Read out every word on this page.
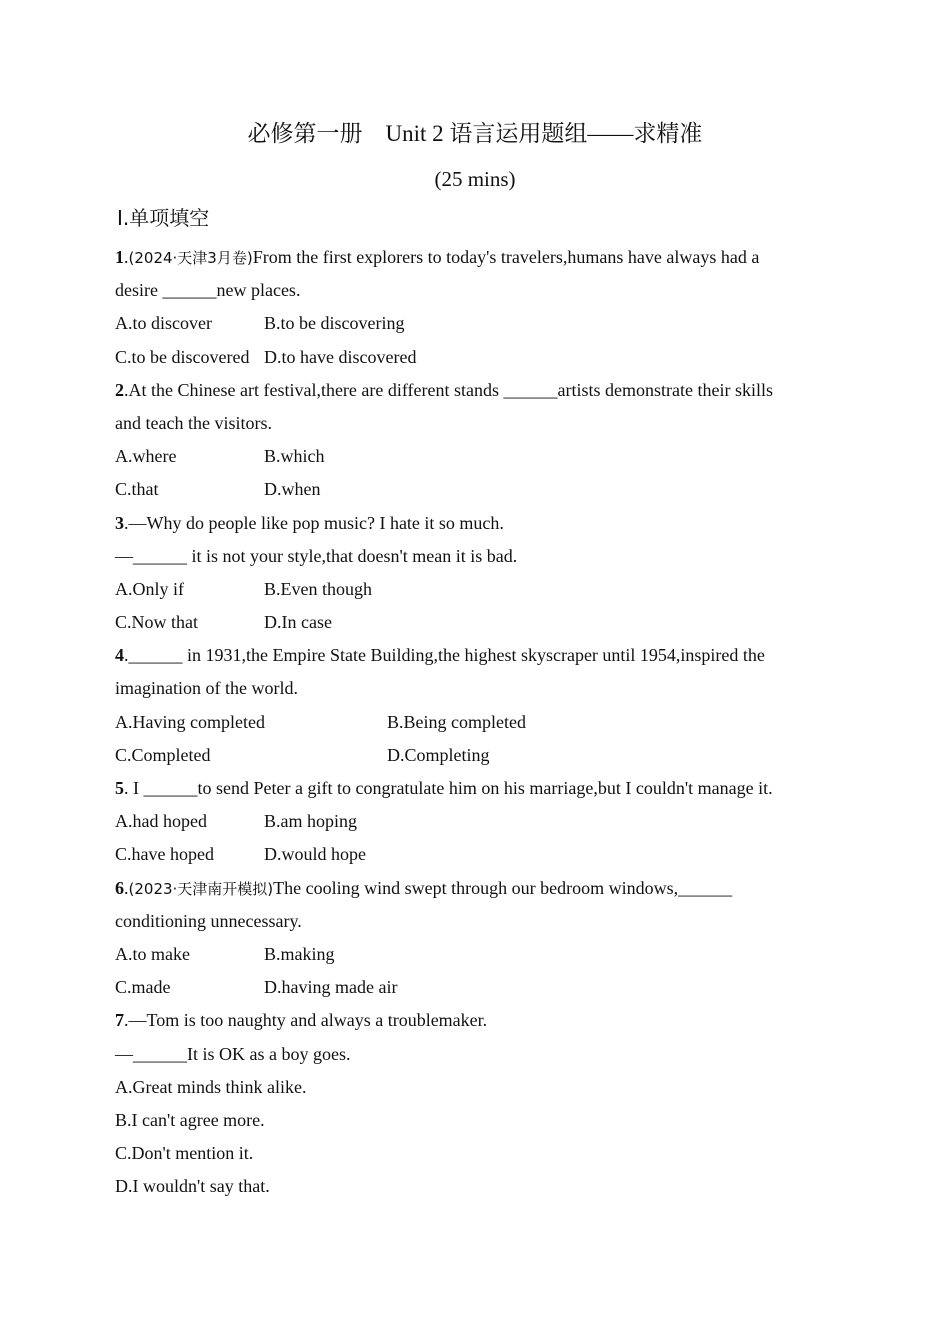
必修第一册　Unit 2 语言运用题组——求精准
(25 mins)
Ⅰ.单项填空
1.(2024·天津3月卷)From the first explorers to today's travelers,humans have always had a
desire ______new places.
A.to discover	B.to be discovering
C.to be discovered D.to have discovered
2.At the Chinese art festival,there are different stands ______artists demonstrate their skills
and teach the visitors.
A.where	B.which
C.that	D.when
3.—Why do people like pop music? I hate it so much.
—______ it is not your style,that doesn't mean it is bad.
A.Only if	B.Even though
C.Now that	D.In case
4.______ in 1931,the Empire State Building,the highest skyscraper until 1954,inspired the
imagination of the world.
A.Having completed	B.Being completed
C.Completed	D.Completing
5. I ______to send Peter a gift to congratulate him on his marriage,but I couldn't manage it.
A.had hoped	B.am hoping
C.have hoped	D.would hope
6.(2023·天津南开模拟)The cooling wind swept through our bedroom windows,______
conditioning unnecessary.
A.to make	B.making
C.made	D.having made air
7.—Tom is too naughty and always a troublemaker.
—______It is OK as a boy goes.
A.Great minds think alike.
B.I can't agree more.
C.Don't mention it.
D.I wouldn't say that.
